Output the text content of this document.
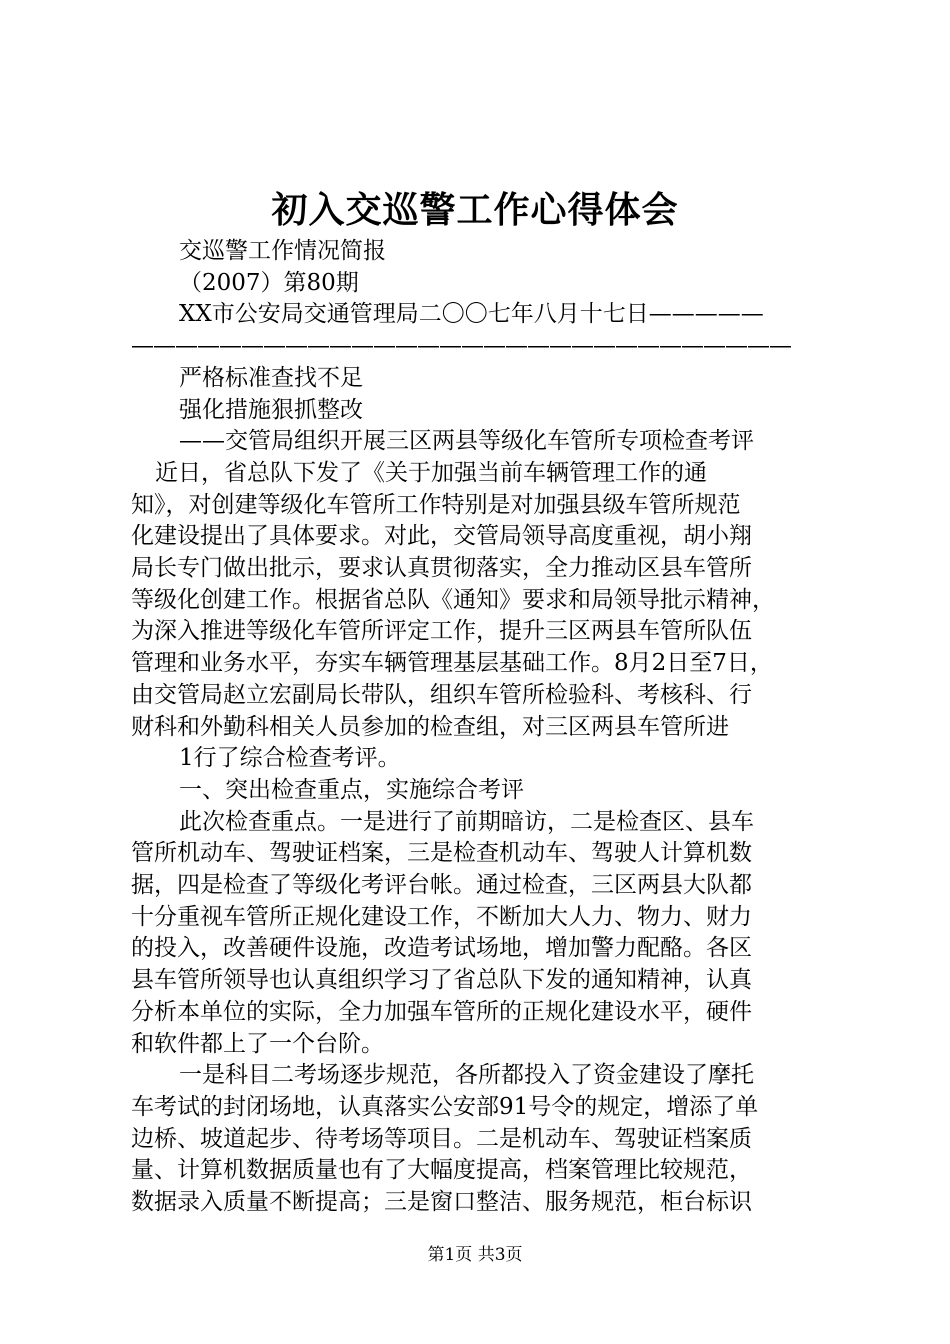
初入交巡警工作心得体会
交巡警工作情况简报
（2007）第80期
XX市公安局交通管理局二〇〇七年八月十七日—————
——————————————————————————————
严格标准查找不足
强化措施狠抓整改
——交管局组织开展三区两县等级化车管所专项检查考评
近日，省总队下发了《关于加强当前车辆管理工作的通
知》，对创建等级化车管所工作特别是对加强县级车管所规范
化建设提出了具体要求。对此，交管局领导高度重视，胡小翔
局长专门做出批示，要求认真贯彻落实，全力推动区县车管所
等级化创建工作。根据省总队《通知》要求和局领导批示精神，
为深入推进等级化车管所评定工作，提升三区两县车管所队伍
管理和业务水平，夯实车辆管理基层基础工作。8月2日至7日，
由交管局赵立宏副局长带队，组织车管所检验科、考核科、行
财科和外勤科相关人员参加的检查组，对三区两县车管所进
1行了综合检查考评。
一、突出检查重点，实施综合考评
此次检查重点。一是进行了前期暗访，二是检查区、县车
管所机动车、驾驶证档案，三是检查机动车、驾驶人计算机数
据，四是检查了等级化考评台帐。通过检查，三区两县大队都
十分重视车管所正规化建设工作，不断加大人力、物力、财力
的投入，改善硬件设施，改造考试场地，增加警力配酪。各区
县车管所领导也认真组织学习了省总队下发的通知精神，认真
分析本单位的实际，全力加强车管所的正规化建设水平，硬件
和软件都上了一个台阶。
一是科目二考场逐步规范，各所都投入了资金建设了摩托
车考试的封闭场地，认真落实公安部91号令的规定，增添了单
边桥、坡道起步、待考场等项目。二是机动车、驾驶证档案质
量、计算机数据质量也有了大幅度提高，档案管理比较规范，
数据录入质量不断提高；三是窗口整洁、服务规范，柜台标识
第1页 共3页
